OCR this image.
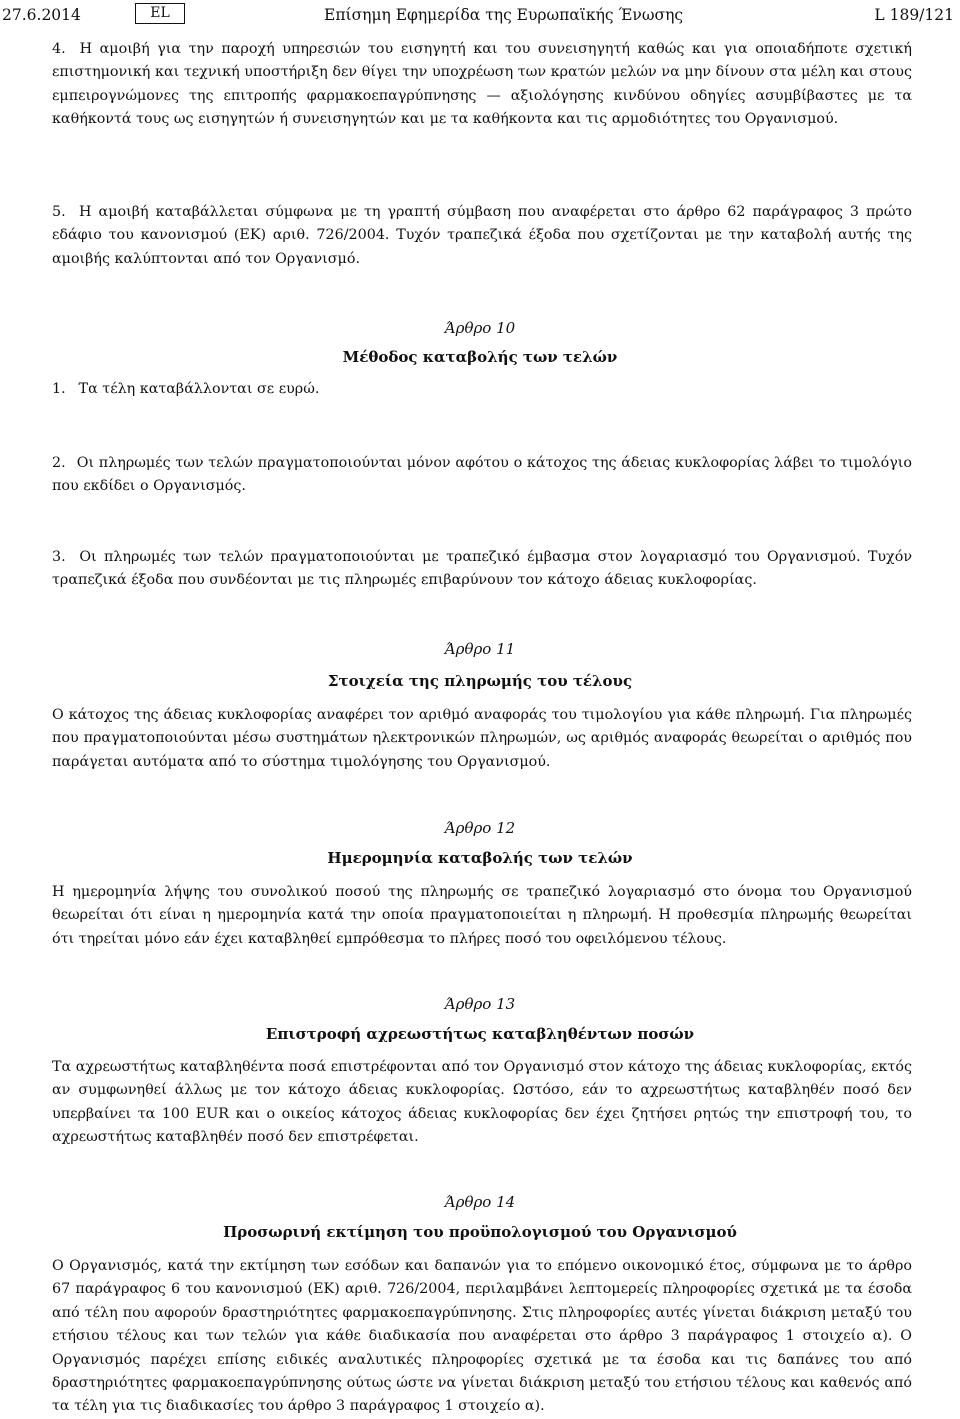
27.6.2014	EL	Επίσημη Εφημερίδα της Ευρωπαϊκής Ένωσης	L 189/121

4. Η αμοιβή για την παροχή υπηρεσιών του εισηγητή και του συνεισηγητή καθώς και για οποιαδήποτε σχετική επιστημονική και τεχνική υποστήριξη δεν θίγει την υποχρέωση των κρατών μελών να μην δίνουν στα μέλη και στους εμπειρογνώμονες της επιτροπής φαρμακοεπαγρύπνησης — αξιολόγησης κινδύνου οδηγίες ασυμβίβαστες με τα καθήκοντά τους ως εισηγητών ή συνεισηγητών και με τα καθήκοντα και τις αρμοδιότητες του Οργανισμού.

5. Η αμοιβή καταβάλλεται σύμφωνα με τη γραπτή σύμβαση που αναφέρεται στο άρθρο 62 παράγραφος 3 πρώτο εδάφιο του κανονισμού (ΕΚ) αριθ. 726/2004. Τυχόν τραπεζικά έξοδα που σχετίζονται με την καταβολή αυτής της αμοιβής καλύπτονται από τον Οργανισμό.

Άρθρο 10
Μέθοδος καταβολής των τελών
1. Τα τέλη καταβάλλονται σε ευρώ.

2. Οι πληρωμές των τελών πραγματοποιούνται μόνον αφότου ο κάτοχος της άδειας κυκλοφορίας λάβει το τιμολόγιο που εκδίδει ο Οργανισμός.

3. Οι πληρωμές των τελών πραγματοποιούνται με τραπεζικό έμβασμα στον λογαριασμό του Οργανισμού. Τυχόν τραπεζικά έξοδα που συνδέονται με τις πληρωμές επιβαρύνουν τον κάτοχο άδειας κυκλοφορίας.

Άρθρο 11
Στοιχεία της πληρωμής του τέλους

Ο κάτοχος της άδειας κυκλοφορίας αναφέρει τον αριθμό αναφοράς του τιμολογίου για κάθε πληρωμή. Για πληρωμές που πραγματοποιούνται μέσω συστημάτων ηλεκτρονικών πληρωμών, ως αριθμός αναφοράς θεωρείται ο αριθμός που παράγεται αυτόματα από το σύστημα τιμολόγησης του Οργανισμού.

Άρθρο 12
Ημερομηνία καταβολής των τελών

Η ημερομηνία λήψης του συνολικού ποσού της πληρωμής σε τραπεζικό λογαριασμό στο όνομα του Οργανισμού θεωρείται ότι είναι η ημερομηνία κατά την οποία πραγματοποιείται η πληρωμή. Η προθεσμία πληρωμής θεωρείται ότι τηρείται μόνο εάν έχει καταβληθεί εμπρόθεσμα το πλήρες ποσό του οφειλόμενου τέλους.

Άρθρο 13
Επιστροφή αχρεωστήτως καταβληθέντων ποσών

Τα αχρεωστήτως καταβληθέντα ποσά επιστρέφονται από τον Οργανισμό στον κάτοχο της άδειας κυκλοφορίας, εκτός αν συμφωνηθεί άλλως με τον κάτοχο άδειας κυκλοφορίας. Ωστόσο, εάν το αχρεωστήτως καταβληθέν ποσό δεν υπερβαίνει τα 100 EUR και ο οικείος κάτοχος άδειας κυκλοφορίας δεν έχει ζητήσει ρητώς την επιστροφή του, το αχρεωστήτως καταβληθέν ποσό δεν επιστρέφεται.

Άρθρο 14
Προσωρινή εκτίμηση του προϋπολογισμού του Οργανισμού

Ο Οργανισμός, κατά την εκτίμηση των εσόδων και δαπανών για το επόμενο οικονομικό έτος, σύμφωνα με το άρθρο 67 παράγραφος 6 του κανονισμού (ΕΚ) αριθ. 726/2004, περιλαμβάνει λεπτομερείς πληροφορίες σχετικά με τα έσοδα από τέλη που αφορούν δραστηριότητες φαρμακοεπαγρύπνησης. Στις πληροφορίες αυτές γίνεται διάκριση μεταξύ του ετήσιου τέλους και των τελών για κάθε διαδικασία που αναφέρεται στο άρθρο 3 παράγραφος 1 στοιχείο α). Ο Οργανισμός παρέχει επίσης ειδικές αναλυτικές πληροφορίες σχετικά με τα έσοδα και τις δαπάνες του από δραστηριότητες φαρμακοεπαγρύπνησης ούτως ώστε να γίνεται διάκριση μεταξύ του ετήσιου τέλους και καθενός από τα τέλη για τις διαδικασίες του άρθρο 3 παράγραφος 1 στοιχείο α).
